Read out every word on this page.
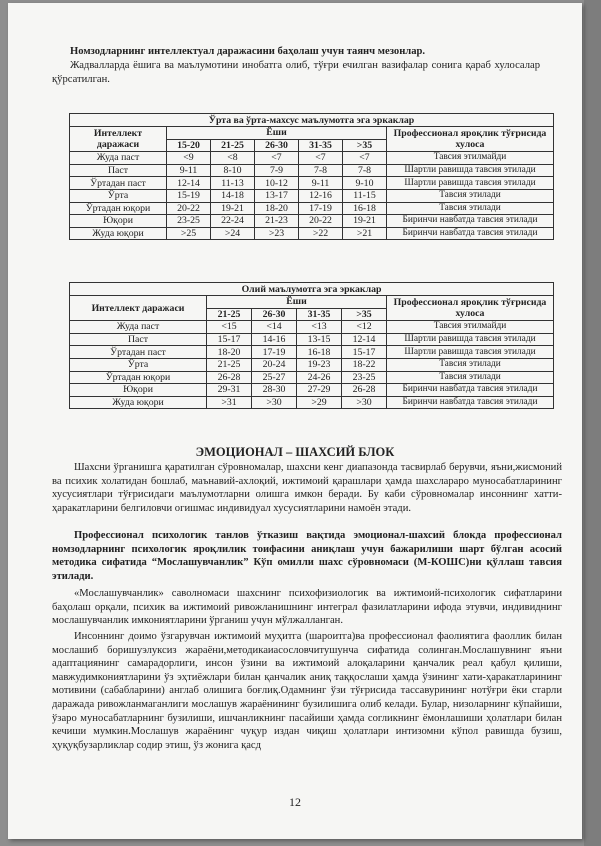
Номзодларнинг интеллектуал даражасини баҳолаш учун таянч мезонлар.
Жадвалларда ёшига ва маълумотини инобатга олиб, тўғри ечилган вазифалар сонига қараб хулосалар қўрсатилган.
Ўрта ва ўрта-махсус маълумотга эга эркаклар						
Интеллект даражаси	Ёши					Профессионал яроқлик тўғрисида хулоса
	15-20	21-25	26-30	31-35	>35	
Жуда паст	<9	<8	<7	<7	<7	Тавсия этилмайди
Паст	9-11	8-10	7-9	7-8	7-8	Шартли равишда тавсия этилади
Ўртадан паст	12-14	11-13	10-12	9-11	9-10	Шартли равишда тавсия этилади
Ўрта	15-19	14-18	13-17	12-16	11-15	Тавсия этилади
Ўртадан юқори	20-22	19-21	18-20	17-19	16-18	Тавсия этилади
Юқори	23-25	22-24	21-23	20-22	19-21	Биринчи навбатда тавсия этилади
Жуда юқори	>25	>24	>23	>22	>21	Биринчи навбатда тавсия этилади
Олий маълумотга эга эркаклар					
Интеллект даражаси	Ёши				Профессионал яроқлик тўғрисида хулоса
	21-25	26-30	31-35	>35	
Жуда паст	<15	<14	<13	<12	Тавсия этилмайди
Паст	15-17	14-16	13-15	12-14	Шартли равишда тавсия этилади
Ўртадан паст	18-20	17-19	16-18	15-17	Шартли равишда тавсия этилади
Ўрта	21-25	20-24	19-23	18-22	Тавсия этилади
Ўртадан юқори	26-28	25-27	24-26	23-25	Тавсия этилади
Юқори	29-31	28-30	27-29	26-28	Биринчи навбатда тавсия этилади
Жуда юқори	>31	>30	>29	>30	Биринчи навбатда тавсия этилади
ЭМОЦИОНАЛ – ШАХСИЙ БЛОК
Шахсни ўрганишга қаратилган сўровномалар, шахсни кенг диапазонда тасвирлаб берувчи, яъни,жисмоний ва психик холатидан бошлаб, маънавий-ахлоқий, ижтимоий қарашлари ҳамда шахсларaро муносабатларининг хусусиятлари тўғрисидаги маълумотларни олишга имкон беради. Бу каби сўровномалар инсоннинг хатти-ҳаракатларини белгиловчи огишмас индивидуал хусусиятларини намоён этади.
Профессионал психологик танлов ўтказиш вақтида эмоционал-шахсий блокда профессионал номзодларнинг психологик яроқлилик тоифасини аниқлаш учун бажарилиши шарт бўлган асосий методика сифатида “Мослашувчанлик” Кўп омилли шахс сўровномаси (М-КОШС)ни қўллаш тавсия этилади.
«Мослашувчанлик» саволномаси шахснинг психофизиологик ва ижтимоий-психологик сифатларини баҳолаш орқали, психик ва ижтимоий ривожланишнинг интеграл фазилатларини ифода этувчи, индивиднинг мослашувчанлик имкониятларини ўрганиш учун мўлжалланган.
Инсоннинг доимо ўзгарувчан ижтимоий муҳитга (шароитга)ва профессионал фаолиятига фаоллик билан мослашиб боришуэлуксиз жараёни,методикаиасословчитушунча сифатида солинган.Мослашувнинг яъни адаптациянинг самарадорлиги, инсон ўзини ва ижтимоий алоқаларини қанчалик реал қабул қилиши, мавжудимкониятларини ўз эҳтиёжлари билан қанчалик аниқ таққослаши ҳамда ўзининг хати-ҳаракатларининг мотивини (сабабларини) англаб олишига боғлиқ.Одамнинг ўзи тўғрисида тассавурининг нотўғри ёки старли даражада ривожланмаганлиги мослашув жараёнининг бузилишига олиб келади. Булар, низоларнинг кўпайиши, ўзаро муносабатларнинг бузилиши, ишчанликнинг пасайиши ҳамда согликнинг ёмонлашиши ҳолатлари билан кечиши мумкин.Мослашув жараёнинг чуқур издан чиқиш ҳолатлари интизомни кўпол равишда бузиш, ҳуқуқбузарликлар содир этиш, ўз жонига қасд
12
